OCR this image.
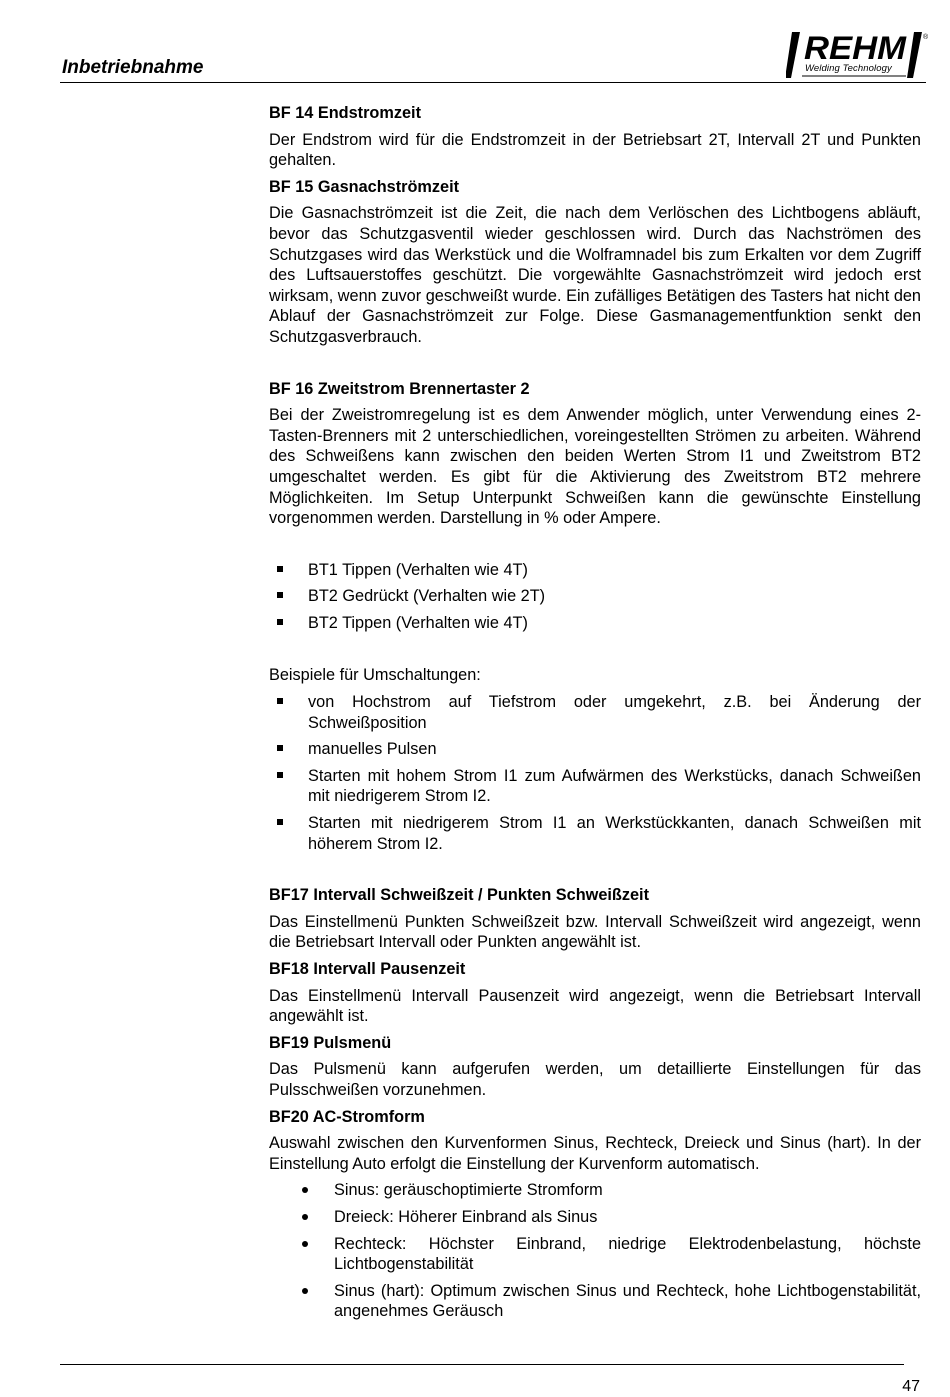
Inbetriebnahme
REHM ®
Welding Technology

BF 14 Endstromzeit

Der Endstrom wird für die Endstromzeit in der Betriebsart 2T, Intervall 2T und Punkten gehalten.

BF 15 Gasnachströmzeit

Die Gasnachströmzeit ist die Zeit, die nach dem Verlöschen des Lichtbogens abläuft, bevor das Schutzgasventil wieder geschlossen wird. Durch das Nachströmen des Schutzgases wird das Werkstück und die Wolframnadel bis zum Erkalten vor dem Zugriff des Luftsauerstoffes geschützt. Die vorgewählte Gasnachströmzeit wird jedoch erst wirksam, wenn zuvor geschweißt wurde. Ein zufälliges Betätigen des Tasters hat nicht den Ablauf der Gasnachströmzeit zur Folge. Diese Gasmanagementfunktion senkt den Schutzgasverbrauch.

BF 16 Zweitstrom Brennertaster 2

Bei der Zweistromregelung ist es dem Anwender möglich, unter Verwendung eines 2-Tasten-Brenners mit 2 unterschiedlichen, voreingestellten Strömen zu arbeiten. Während des Schweißens kann zwischen den beiden Werten Strom I1 und Zweitstrom BT2 umgeschaltet werden. Es gibt für die Aktivierung des Zweitstrom BT2 mehrere Möglichkeiten. Im Setup Unterpunkt Schweißen kann die gewünschte Einstellung vorgenommen werden. Darstellung in % oder Ampere.

BT1 Tippen (Verhalten wie 4T)
BT2 Gedrückt (Verhalten wie 2T)
BT2 Tippen (Verhalten wie 4T)

Beispiele für Umschaltungen:

von Hochstrom auf Tiefstrom oder umgekehrt, z.B. bei Änderung der Schweißposition
manuelles Pulsen
Starten mit hohem Strom I1 zum Aufwärmen des Werkstücks, danach Schweißen mit niedrigerem Strom I2.
Starten mit niedrigerem Strom I1 an Werkstückkanten, danach Schweißen mit höherem Strom I2.

BF17 Intervall Schweißzeit / Punkten Schweißzeit

Das Einstellmenü Punkten Schweißzeit bzw. Intervall Schweißzeit wird angezeigt, wenn die Betriebsart Intervall oder Punkten angewählt ist.

BF18 Intervall Pausenzeit

Das Einstellmenü Intervall Pausenzeit wird angezeigt, wenn die Betriebsart Intervall angewählt ist.

BF19 Pulsmenü

Das Pulsmenü kann aufgerufen werden, um detaillierte Einstellungen für das Pulsschweißen vorzunehmen.

BF20 AC-Stromform

Auswahl zwischen den Kurvenformen Sinus, Rechteck, Dreieck und Sinus (hart). In der Einstellung Auto erfolgt die Einstellung der Kurvenform automatisch.

Sinus: geräuschoptimierte Stromform
Dreieck: Höherer Einbrand als Sinus
Rechteck: Höchster Einbrand, niedrige Elektrodenbelastung, höchste Lichtbogenstabilität
Sinus (hart): Optimum zwischen Sinus und Rechteck, hohe Lichtbogenstabilität, angenehmes Geräusch
47
